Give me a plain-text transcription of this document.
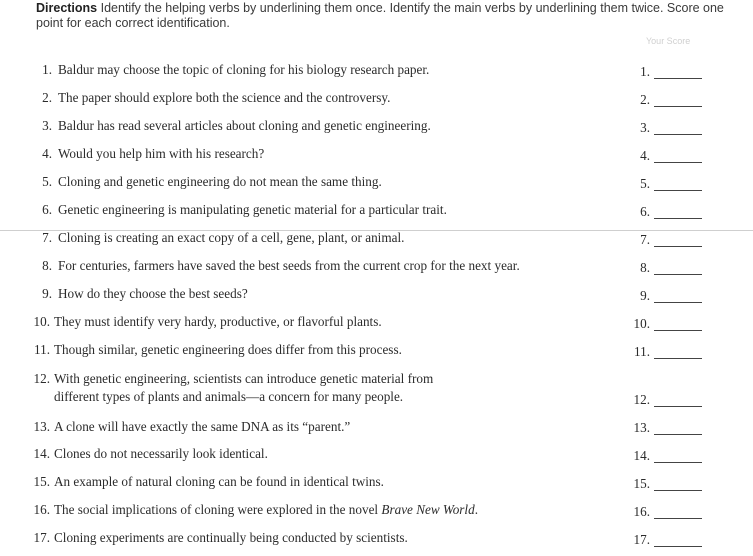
Directions Identify the helping verbs by underlining them once. Identify the main verbs by underlining them twice. Score one point for each correct identification.
Your Score
1. Baldur may choose the topic of cloning for his biology research paper.	1.
2. The paper should explore both the science and the controversy.	2.
3. Baldur has read several articles about cloning and genetic engineering.	3.
4. Would you help him with his research?	4.
5. Cloning and genetic engineering do not mean the same thing.	5.
6. Genetic engineering is manipulating genetic material for a particular trait.	6.
7. Cloning is creating an exact copy of a cell, gene, plant, or animal.	7.
8. For centuries, farmers have saved the best seeds from the current crop for the next year.	8.
9. How do they choose the best seeds?	9.
10. They must identify very hardy, productive, or flavorful plants.	10.
11. Though similar, genetic engineering does differ from this process.	11.
12. With genetic engineering, scientists can introduce genetic material from
different types of plants and animals—a concern for many people.	12.
13. A clone will have exactly the same DNA as its “parent.”	13.
14. Clones do not necessarily look identical.	14.
15. An example of natural cloning can be found in identical twins.	15.
16. The social implications of cloning were explored in the novel Brave New World.	16.
17. Cloning experiments are continually being conducted by scientists.	17.
